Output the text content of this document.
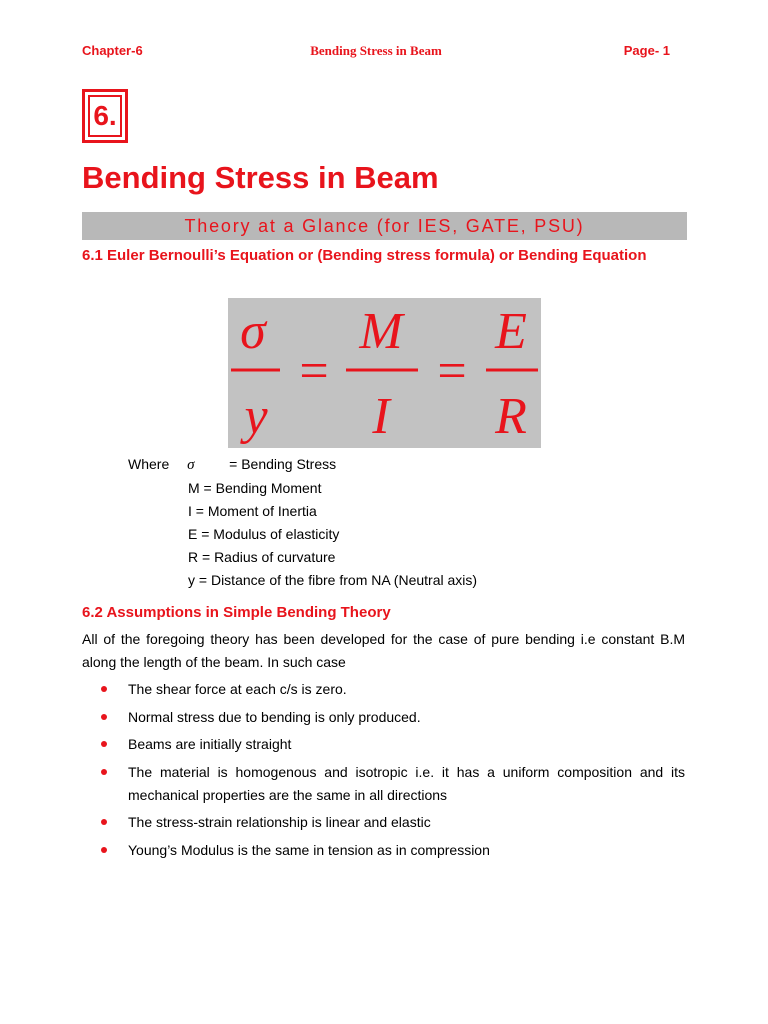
Chapter-6	Bending Stress in Beam	Page- 1
6.
Bending Stress in Beam
Theory at a Glance (for IES, GATE, PSU)
6.1 Euler Bernoulli’s Equation or (Bending stress formula) or Bending Equation
σ
y
M
I
E
R
= =
Where σ = Bending Stress
M = Bending Moment
I = Moment of Inertia
E = Modulus of elasticity
R = Radius of curvature
y = Distance of the fibre from NA (Neutral axis)
6.2 Assumptions in Simple Bending Theory
All of the foregoing theory has been developed for the case of pure bending i.e constant B.M along the length of the beam. In such case
The shear force at each c/s is zero.
Normal stress due to bending is only produced.
Beams are initially straight
The material is homogenous and isotropic i.e. it has a uniform composition and its mechanical properties are the same in all directions
The stress-strain relationship is linear and elastic
Young’s Modulus is the same in tension as in compression
